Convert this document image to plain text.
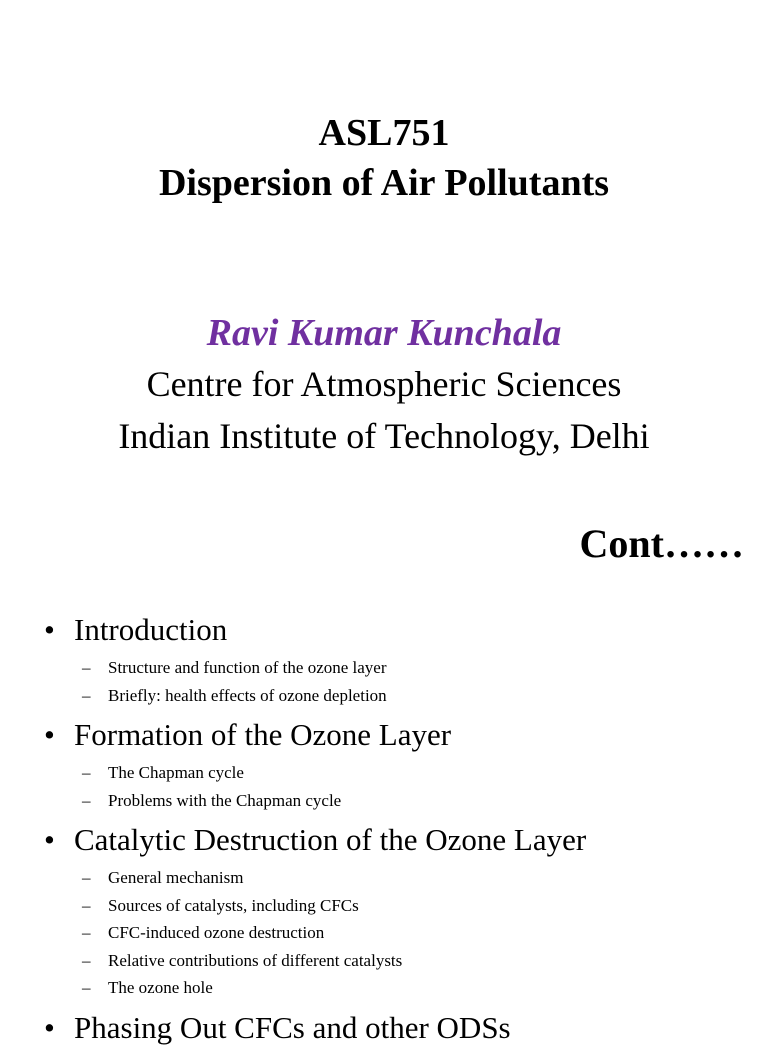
ASL751

Dispersion of Air Pollutants

Ravi Kumar Kunchala

Centre for Atmospheric Sciences

Indian Institute of Technology, Delhi

Cont……

• Introduction

– Structure and function of the ozone layer
– Briefly: health effects of ozone depletion

• Formation of the Ozone Layer

– The Chapman cycle
– Problems with the Chapman cycle

• Catalytic Destruction of the Ozone Layer

– General mechanism
– Sources of catalysts, including CFCs
– CFC-induced ozone destruction
– Relative contributions of different catalysts
– The ozone hole

• Phasing Out CFCs and other ODSs
